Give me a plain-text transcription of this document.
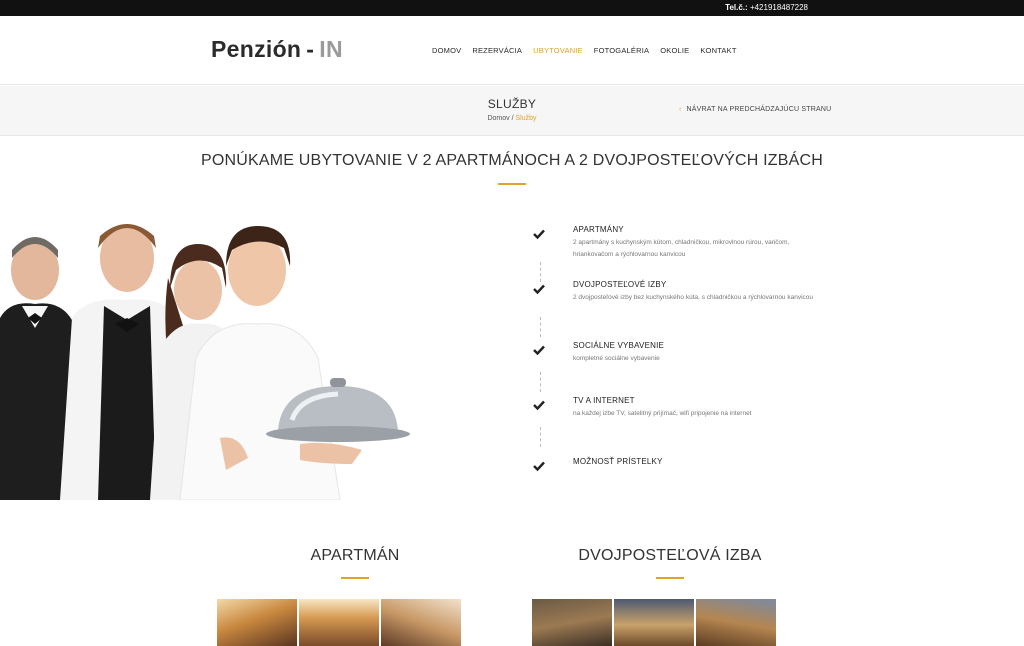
Tel.č.: +421918487228
Penzión - IN	DOMOV REZERVÁCIA UBYTOVANIE FOTOGALÉRIA OKOLIE KONTAKT
SLUŽBY
Domov / Služby
‹ NÁVRAT NA PREDCHÁDZAJÚCU STRANU
PONÚKAME UBYTOVANIE V 2 APARTMÁNOCH A 2 DVOJPOSTEĽOVÝCH IZBÁCH
APARTMÁNY
2 apartmány s kuchynským kútom, chladničkou, mikrovlnou rúrou, varičom, hriankovačom a rýchlovarnou kanvicou
DVOJPOSTEĽOVÉ IZBY
2 dvojposteľové izby bez kuchynského kúta, s chladničkou a rýchlovarnou kanvicou
SOCIÁLNE VYBAVENIE
kompletné sociálne vybavenie
TV A INTERNET
na každej izbe TV, satelitný prijímač, wifi pripojenie na internet
MOŽNOSŤ PRÍSTELKY
APARTMÁN	DVOJPOSTEĽOVÁ IZBA
